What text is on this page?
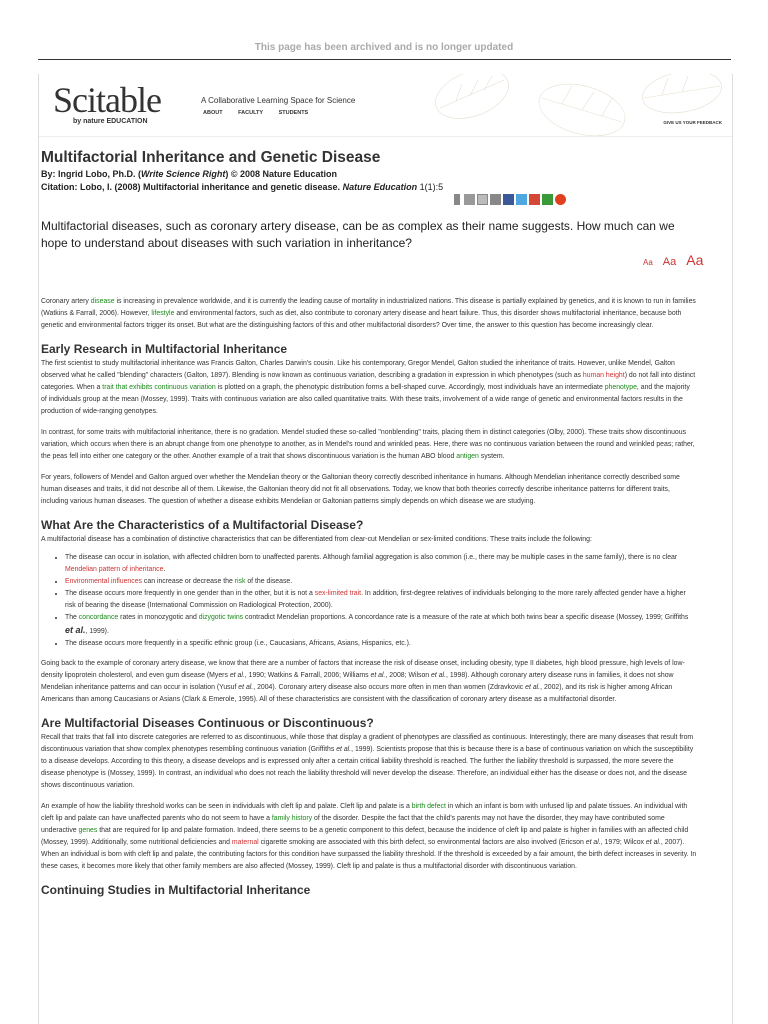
This page has been archived and is no longer updated
Scitable
by nature EDUCATION
A Collaborative Learning Space for Science
ABOUT	FACULTY	STUDENTS
GIVE US YOUR FEEDBACK
Multifactorial Inheritance and Genetic Disease
By: Ingrid Lobo, Ph.D. (Write Science Right) © 2008 Nature Education
Citation: Lobo, I. (2008) Multifactorial inheritance and genetic disease. Nature Education 1(1):5

Multifactorial diseases, such as coronary artery disease, can be as complex as their name suggests. How much can we hope to understand about diseases with such variation in inheritance?

Aa Aa Aa

Coronary artery disease is increasing in prevalence worldwide, and it is currently the leading cause of mortality in industrialized nations. This disease is partially explained by genetics, and it is known to run in families (Watkins & Farrall, 2006). However, lifestyle and environmental factors, such as diet, also contribute to coronary artery disease and heart failure. Thus, this disorder shows multifactorial inheritance, because both genetic and environmental factors trigger its onset. But what are the distinguishing factors of this and other multifactorial disorders? Over time, the answer to this question has become increasingly clear.

Early Research in Multifactorial Inheritance

The first scientist to study multifactorial inheritance was Francis Galton, Charles Darwin's cousin. Like his contemporary, Gregor Mendel, Galton studied the inheritance of traits. However, unlike Mendel, Galton observed what he called "blending" characters (Galton, 1897). Blending is now known as continuous variation, describing a gradation in expression in which phenotypes (such as human height) do not fall into distinct categories. When a trait that exhibits continuous variation is plotted on a graph, the phenotypic distribution forms a bell-shaped curve. Accordingly, most individuals have an intermediate phenotype, and the majority of individuals group at the mean (Mossey, 1999). Traits with continuous variation are also called quantitative traits. With these traits, involvement of a wide range of genetic and environmental factors results in the production of wide-ranging genotypes.

In contrast, for some traits with multifactorial inheritance, there is no gradation. Mendel studied these so-called "nonblending" traits, placing them in distinct categories (Olby, 2000). These traits show discontinuous variation, which occurs when there is an abrupt change from one phenotype to another, as in Mendel's round and wrinkled peas. Here, there was no continuous variation between the round and wrinkled peas; rather, the peas fell into either one category or the other. Another example of a trait that shows discontinuous variation is the human ABO blood antigen system.

For years, followers of Mendel and Galton argued over whether the Mendelian theory or the Galtonian theory correctly described inheritance in humans. Although Mendelian inheritance correctly described some human diseases and traits, it did not describe all of them. Likewise, the Galtonian theory did not fit all observations. Today, we know that both theories correctly describe inheritance patterns for different traits, including various human diseases. The question of whether a disease exhibits Mendelian or Galtonian patterns simply depends on which disease we are studying.

What Are the Characteristics of a Multifactorial Disease?

A multifactorial disease has a combination of distinctive characteristics that can be differentiated from clear-cut Mendelian or sex-limited conditions. These traits include the following:

• The disease can occur in isolation, with affected children born to unaffected parents. Although familial aggregation is also common (i.e., there may be multiple cases in the same family), there is no clear Mendelian pattern of inheritance.
• Environmental influences can increase or decrease the risk of the disease.
• The disease occurs more frequently in one gender than in the other, but it is not a sex-limited trait. In addition, first-degree relatives of individuals belonging to the more rarely affected gender have a higher risk of bearing the disease (International Commission on Radiological Protection, 2000).
• The concordance rates in monozygotic and dizygotic twins contradict Mendelian proportions. A concordance rate is a measure of the rate at which both twins bear a specific disease (Mossey, 1999; Griffiths et al., 1999).
• The disease occurs more frequently in a specific ethnic group (i.e., Caucasians, Africans, Asians, Hispanics, etc.).

Going back to the example of coronary artery disease, we know that there are a number of factors that increase the risk of disease onset, including obesity, type II diabetes, high blood pressure, high levels of low-density lipoprotein cholesterol, and even gum disease (Myers et al., 1990; Watkins & Farrall, 2006; Williams et al., 2008; Wilson et al., 1998). Although coronary artery disease runs in families, it does not show Mendelian inheritance patterns and can occur in isolation (Yusuf et al., 2004). Coronary artery disease also occurs more often in men than women (Zdravkovic et al., 2002), and its risk is higher among African Americans than among Caucasians or Asians (Clark & Emerole, 1995). All of these characteristics are consistent with the classification of coronary artery disease as a multifactorial disorder.

Are Multifactorial Diseases Continuous or Discontinuous?

Recall that traits that fall into discrete categories are referred to as discontinuous, while those that display a gradient of phenotypes are classified as continuous. Interestingly, there are many diseases that result from discontinuous variation that show complex phenotypes resembling continuous variation (Griffiths et al., 1999). Scientists propose that this is because there is a base of continuous variation on which the susceptibility to a disease develops. According to this theory, a disease develops and is expressed only after a certain critical liability threshold is reached. The further the liability threshold is surpassed, the more severe the disease phenotype is (Mossey, 1999). In contrast, an individual who does not reach the liability threshold will never develop the disease. Therefore, an individual either has the disease or does not, and the disease shows discontinuous variation.

An example of how the liability threshold works can be seen in individuals with cleft lip and palate. Cleft lip and palate is a birth defect in which an infant is born with unfused lip and palate tissues. An individual with cleft lip and palate can have unaffected parents who do not seem to have a family history of the disorder. Despite the fact that the child's parents may not have the disorder, they may have contributed some underactive genes that are required for lip and palate formation. Indeed, there seems to be a genetic component to this defect, because the incidence of cleft lip and palate is higher in families with an affected child (Mossey, 1999). Additionally, some nutritional deficiencies and maternal cigarette smoking are associated with this birth defect, so environmental factors are also involved (Ericson et al., 1979; Wilcox et al., 2007). When an individual is born with cleft lip and palate, the contributing factors for this condition have surpassed the liability threshold. If the threshold is exceeded by a fair amount, the birth defect increases in severity. In these cases, it becomes more likely that other family members are also affected (Mossey, 1999). Cleft lip and palate is thus a multifactorial disorder with discontinuous variation.

Continuing Studies in Multifactorial Inheritance
